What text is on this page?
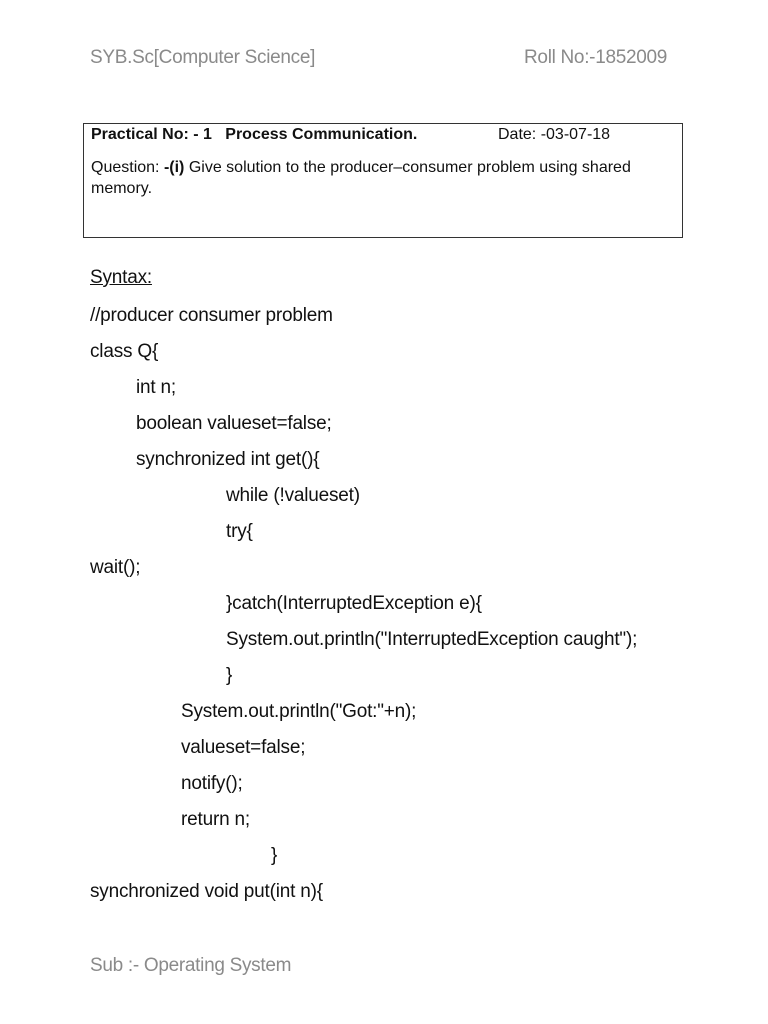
SYB.Sc[Computer Science]	Roll No:-1852009
Practical No: - 1 Process Communication.	Date: -03-07-18
Question: -(i) Give solution to the producer–consumer problem using shared memory.
Syntax:
//producer consumer problem
class Q{
int n;
boolean valueset=false;
synchronized int get(){
while (!valueset)
try{
wait();
}catch(InterruptedException e){
System.out.println("InterruptedException caught");
}
System.out.println("Got:"+n);
valueset=false;
notify();
return n;
}
synchronized void put(int n){
Sub :- Operating System
